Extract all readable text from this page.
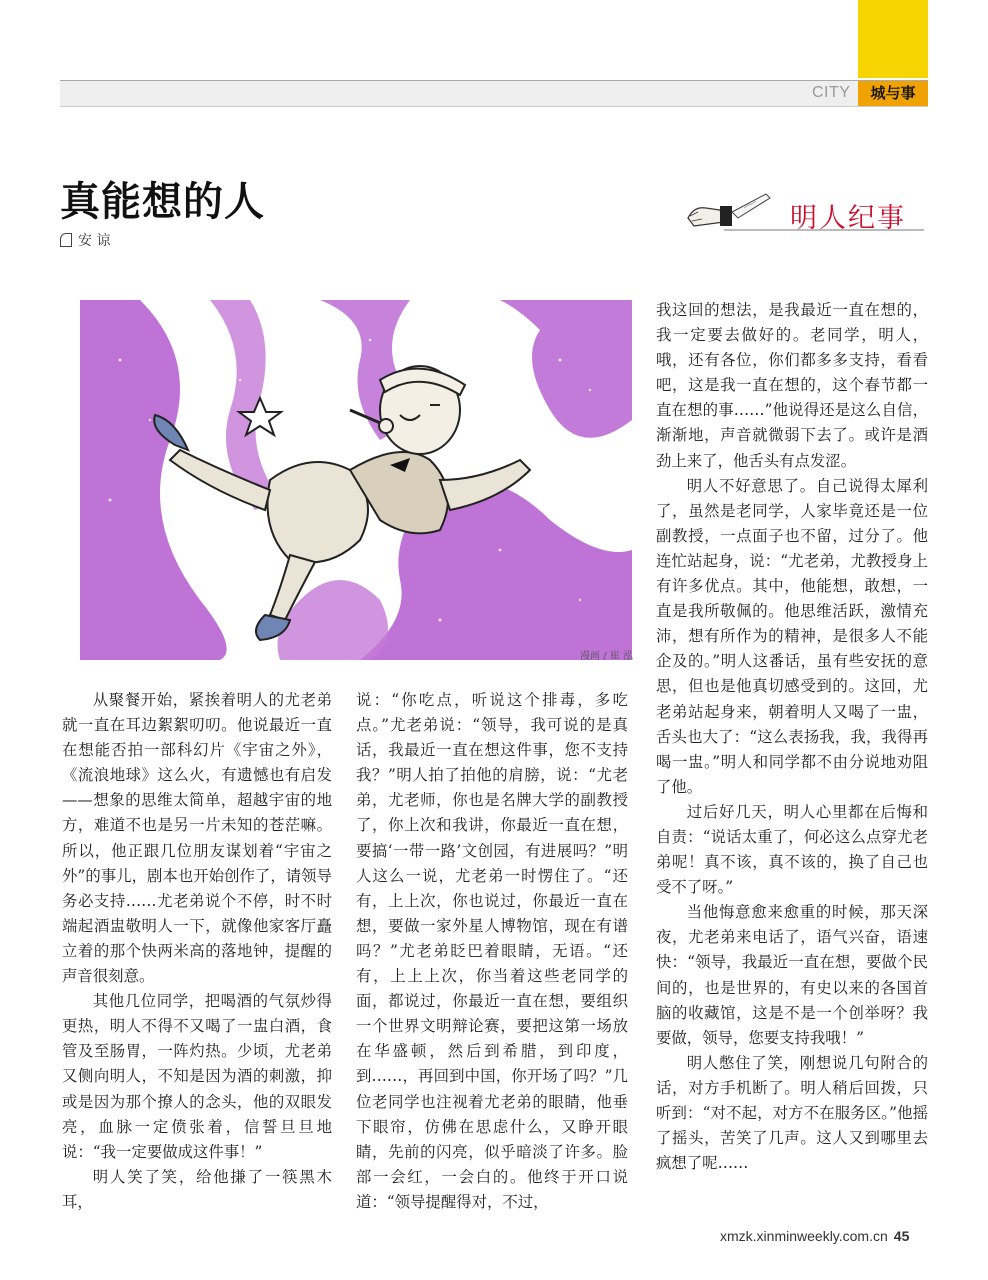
CITY	城与事
真能想的人
安 谅
明人纪事
漫画 / 崔 泓

从聚餐开始，紧挨着明人的尤老弟就一直在耳边絮絮叨叨。他说最近一直在想能否拍一部科幻片《宇宙之外》，《流浪地球》这么火，有遗憾也有启发——想象的思维太简单，超越宇宙的地方，难道不也是另一片未知的苍茫嘛。所以，他正跟几位朋友谋划着“宇宙之外”的事儿，剧本也开始创作了，请领导务必支持……尤老弟说个不停，时不时端起酒盅敬明人一下，就像他家客厅矗立着的那个快两米高的落地钟，提醒的声音很刻意。

其他几位同学，把喝酒的气氛炒得更热，明人不得不又喝了一盅白酒，食管及至肠胃，一阵灼热。少顷，尤老弟又侧向明人，不知是因为酒的刺激，抑或是因为那个撩人的念头，他的双眼发亮，血脉一定偾张着，信誓旦旦地说：“我一定要做成这件事！”

明人笑了笑，给他搛了一筷黑木耳，

说：“你吃点，听说这个排毒，多吃点。”尤老弟说：“领导，我可说的是真话，我最近一直在想这件事，您不支持我？”明人拍了拍他的肩膀，说：“尤老弟，尤老师，你也是名牌大学的副教授了，你上次和我讲，你最近一直在想，要搞‘一带一路’文创园，有进展吗？”明人这么一说，尤老弟一时愣住了。“还有，上上次，你也说过，你最近一直在想，要做一家外星人博物馆，现在有谱吗？”尤老弟眨巴着眼睛，无语。“还有，上上上次，你当着这些老同学的面，都说过，你最近一直在想，要组织一个世界文明辩论赛，要把这第一场放在华盛顿，然后到希腊，到印度，到……，再回到中国，你开场了吗？”几位老同学也注视着尤老弟的眼睛，他垂下眼帘，仿佛在思虑什么，又睁开眼睛，先前的闪亮，似乎暗淡了许多。脸部一会红，一会白的。他终于开口说道：“领导提醒得对，不过，

我这回的想法，是我最近一直在想的，我一定要去做好的。老同学，明人，哦，还有各位，你们都多多支持，看看吧，这是我一直在想的，这个春节都一直在想的事……”他说得还是这么自信，渐渐地，声音就微弱下去了。或许是酒劲上来了，他舌头有点发涩。

明人不好意思了。自己说得太犀利了，虽然是老同学，人家毕竟还是一位副教授，一点面子也不留，过分了。他连忙站起身，说：“尤老弟，尤教授身上有许多优点。其中，他能想，敢想，一直是我所敬佩的。他思维活跃，激情充沛，想有所作为的精神，是很多人不能企及的。”明人这番话，虽有些安抚的意思，但也是他真切感受到的。这回，尤老弟站起身来，朝着明人又喝了一盅，舌头也大了：“这么表扬我，我，我得再喝一盅。”明人和同学都不由分说地劝阻了他。

过后好几天，明人心里都在后悔和自责：“说话太重了，何必这么点穿尤老弟呢！真不该，真不该的，换了自己也受不了呀。”

当他悔意愈来愈重的时候，那天深夜，尤老弟来电话了，语气兴奋，语速快：“领导，我最近一直在想，要做个民间的，也是世界的，有史以来的各国首脑的收藏馆，这是不是一个创举呀？我要做，领导，您要支持我哦！”

明人憋住了笑，刚想说几句附合的话，对方手机断了。明人稍后回拨，只听到：“对不起，对方不在服务区。”他摇了摇头，苦笑了几声。这人又到哪里去疯想了呢……

xmzk.xinminweekly.com.cn 45
